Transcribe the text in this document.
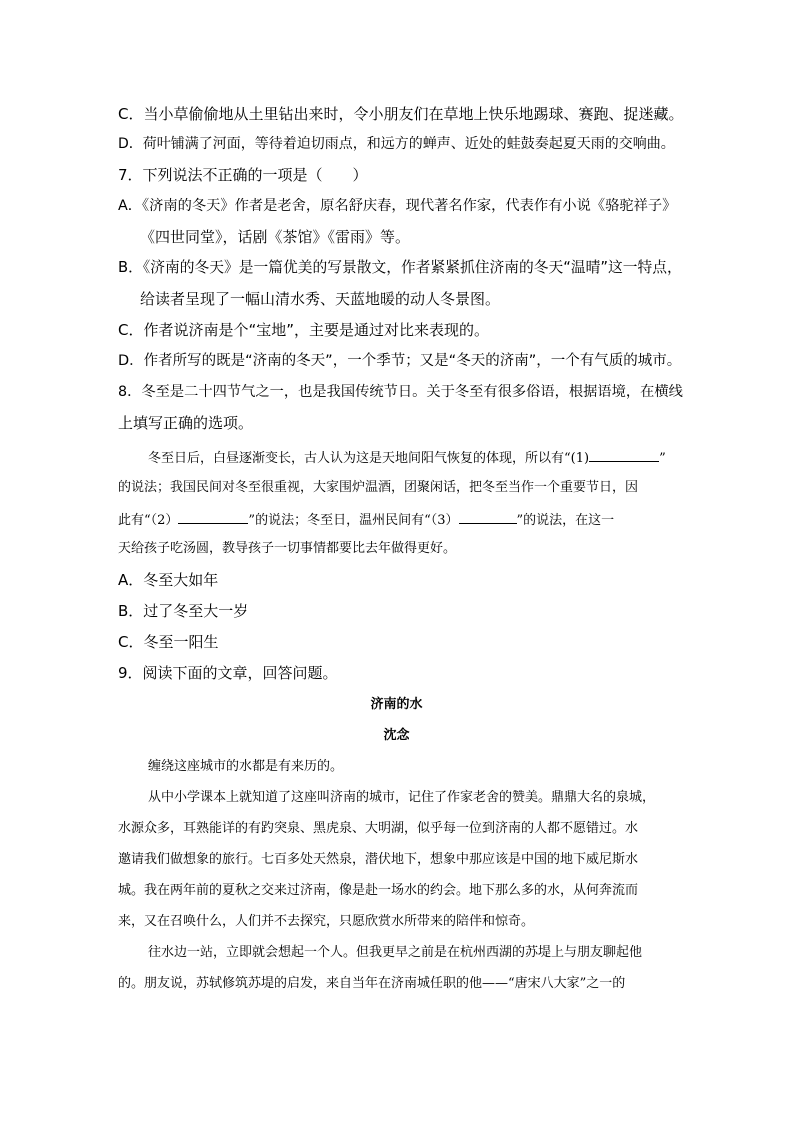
C．当小草偷偷地从土里钻出来时，令小朋友们在草地上快乐地踢球、赛跑、捉迷藏。
D．荷叶铺满了河面，等待着迫切雨点，和远方的蝉声、近处的蛙鼓奏起夏天雨的交响曲。
7．下列说法不正确的一项是（　　）
A．《济南的冬天》作者是老舍，原名舒庆春，现代著名作家，代表作有小说《骆驼祥子》
《四世同堂》，话剧《茶馆》《雷雨》等。
B．《济南的冬天》是一篇优美的写景散文，作者紧紧抓住济南的冬天“温晴”这一特点，
给读者呈现了一幅山清水秀、天蓝地暖的动人冬景图。
C．作者说济南是个“宝地”，主要是通过对比来表现的。
D．作者所写的既是“济南的冬天”，一个季节；又是“冬天的济南”，一个有气质的城市。
8．冬至是二十四节气之一，也是我国传统节日。关于冬至有很多俗语，根据语境，在横线
上填写正确的选项。
冬至日后，白昼逐渐变长，古人认为这是天地间阳气恢复的体现，所以有“(1)	”
的说法；我国民间对冬至很重视，大家围炉温酒，团聚闲话，把冬至当作一个重要节日，因
此有“（2）	”的说法；冬至日，温州民间有“（3）	”的说法，在这一
天给孩子吃汤圆，教导孩子一切事情都要比去年做得更好。
A．冬至大如年
B．过了冬至大一岁
C．冬至一阳生
9．阅读下面的文章，回答问题。
济南的水
沈念
缠绕这座城市的水都是有来历的。
从中小学课本上就知道了这座叫济南的城市，记住了作家老舍的赞美。鼎鼎大名的泉城，
水源众多，耳熟能详的有趵突泉、黑虎泉、大明湖，似乎每一位到济南的人都不愿错过。水
邀请我们做想象的旅行。七百多处天然泉，潜伏地下，想象中那应该是中国的地下威尼斯水
城。我在两年前的夏秋之交来过济南，像是赴一场水的约会。地下那么多的水，从何奔流而
来，又在召唤什么，人们并不去探究，只愿欣赏水所带来的陪伴和惊奇。
往水边一站，立即就会想起一个人。但我更早之前是在杭州西湖的苏堤上与朋友聊起他
的。朋友说，苏轼修筑苏堤的启发，来自当年在济南城任职的他——“唐宋八大家”之一的
